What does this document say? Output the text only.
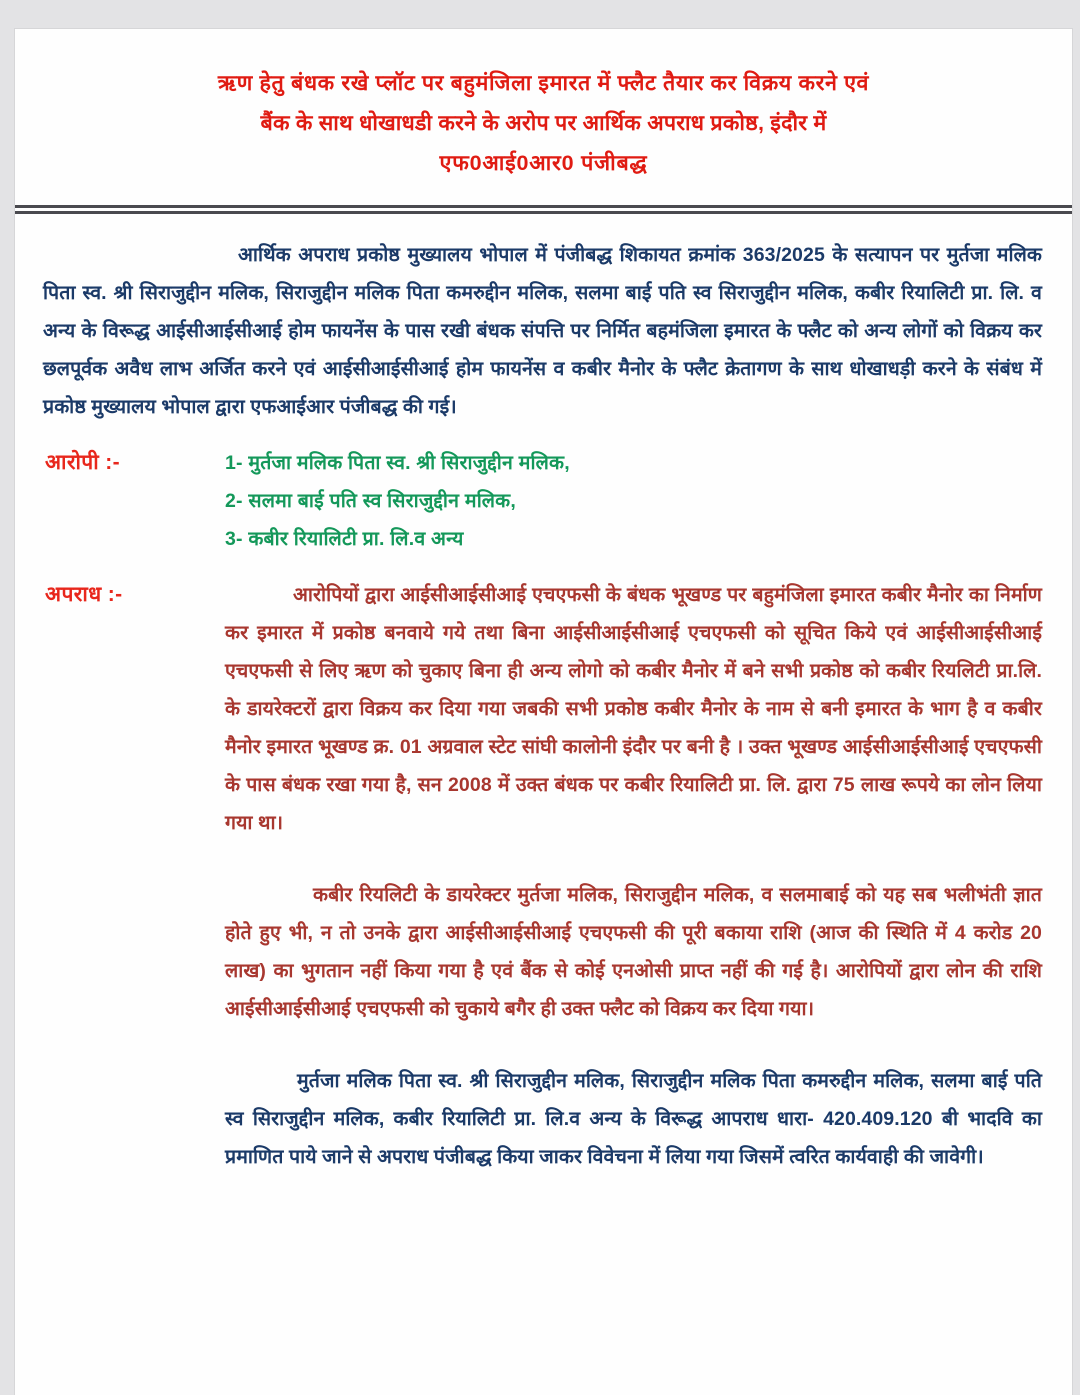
ऋण हेतु बंधक रखे प्लॉट पर बहुमंजिला इमारत में फ्लैट तैयार कर विक्रय करने एवं
बैंक के साथ धोखाधडी करने के अरोप पर आर्थिक अपराध प्रकोष्ठ, इंदौर में
एफ0आई0आर0 पंजीबद्ध

आर्थिक अपराध प्रकोष्ठ मुख्यालय भोपाल में पंजीबद्ध शिकायत क्रमांक 363/2025 के सत्यापन पर मुर्तजा मलिक पिता स्व. श्री सिराजुद्दीन मलिक, सिराजुद्दीन मलिक पिता कमरुद्दीन मलिक, सलमा बाई पति स्व सिराजुद्दीन मलिक, कबीर रियालिटी प्रा. लि. व अन्य के विरूद्ध आईसीआईसीआई होम फायनेंस के पास रखी बंधक संपत्ति पर निर्मित बहमंजिला इमारत के फ्लैट को अन्य लोगों को विक्रय कर छलपूर्वक अवैध लाभ अर्जित करने एवं आईसीआईसीआई होम फायनेंस व कबीर मैनोर के फ्लैट क्रेतागण के साथ धोखाधड़ी करने के संबंध में प्रकोष्ठ मुख्यालय भोपाल द्वारा एफआईआर पंजीबद्ध की गई।

आरोपी :-	1- मुर्तजा मलिक पिता स्व. श्री सिराजुद्दीन मलिक,
2- सलमा बाई पति स्व सिराजुद्दीन मलिक,
3- कबीर रियालिटी प्रा. लि.व अन्य
अपराध :-	आरोपियों द्वारा आईसीआईसीआई एचएफसी के बंधक भूखण्ड पर बहुमंजिला इमारत कबीर मैनोर का निर्माण कर इमारत में प्रकोष्ठ बनवाये गये तथा बिना आईसीआईसीआई एचएफसी को सूचित किये एवं आईसीआईसीआई एचएफसी से लिए ऋण को चुकाए बिना ही अन्य लोगो को कबीर मैनोर में बने सभी प्रकोष्ठ को कबीर रियलिटी प्रा.लि. के डायरेक्टरों द्वारा विक्रय कर दिया गया जबकी सभी प्रकोष्ठ कबीर मैनोर के नाम से बनी इमारत के भाग है व कबीर मैनोर इमारत भूखण्ड क्र. 01 अग्रवाल स्टेट सांघी कालोनी इंदौर पर बनी है । उक्त भूखण्ड आईसीआईसीआई एचएफसी के पास बंधक रखा गया है, सन 2008 में उक्त बंधक पर कबीर रियालिटी प्रा. लि. द्वारा 75 लाख रूपये का लोन लिया गया था।

कबीर रियलिटी के डायरेक्टर मुर्तजा मलिक, सिराजुद्दीन मलिक, व सलमाबाई को यह सब भलीभंती ज्ञात होते हुए भी, न तो उनके द्वारा आईसीआईसीआई एचएफसी की पूरी बकाया राशि (आज की स्थिति में 4 करोड 20 लाख) का भुगतान नहीं किया गया है एवं बैंक से कोई एनओसी प्राप्त नहीं की गई है। आरोपियों द्वारा लोन की राशि आईसीआईसीआई एचएफसी को चुकाये बगैर ही उक्त फ्लैट को विक्रय कर दिया गया।

मुर्तजा मलिक पिता स्व. श्री सिराजुद्दीन मलिक, सिराजुद्दीन मलिक पिता कमरुद्दीन मलिक, सलमा बाई पति स्व सिराजुद्दीन मलिक, कबीर रियालिटी प्रा. लि.व अन्य के विरूद्ध आपराध धारा- 420.409.120 बी भादवि का प्रमाणित पाये जाने से अपराध पंजीबद्ध किया जाकर विवेचना में लिया गया जिसमें त्वरित कार्यवाही की जावेगी।
